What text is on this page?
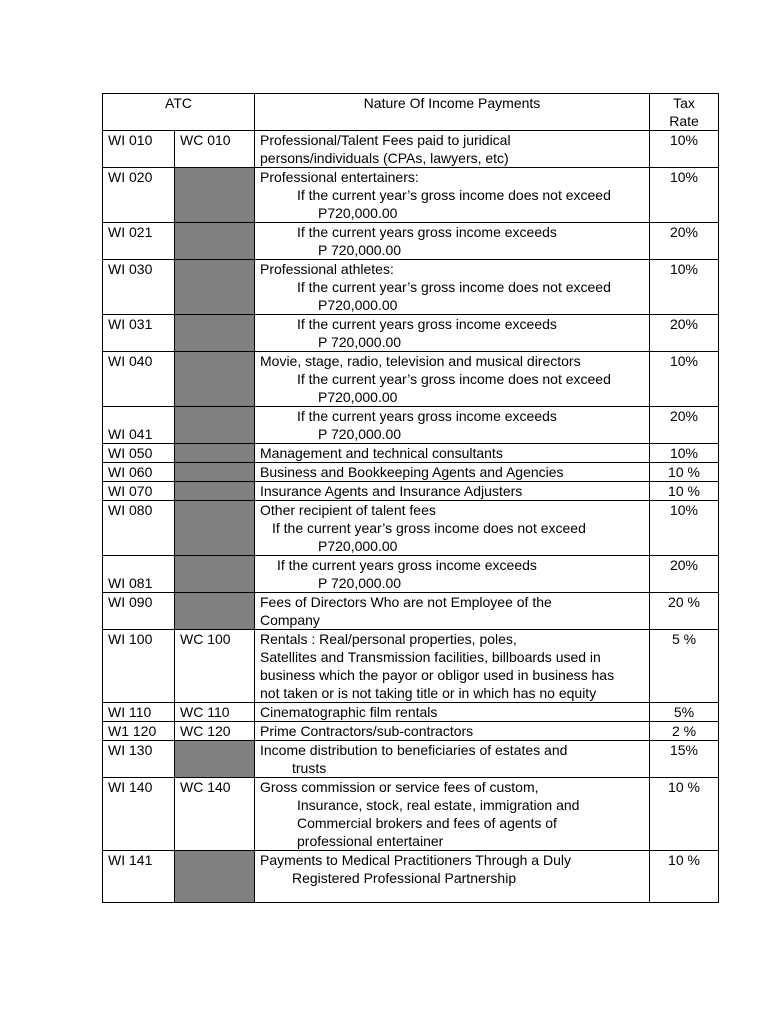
ATC		Nature Of Income Payments	Tax
Rate

WI 010	WC 010	Professional/Talent Fees paid to juridical
persons/individuals (CPAs, lawyers, etc)	10%
WI 020		Professional entertainers:
If the current year’s gross income does not exceed
P720,000.00	10%
WI 021		If the current years gross income exceeds
P 720,000.00	20%
WI 030		Professional athletes:
If the current year’s gross income does not exceed
P720,000.00	10%
WI 031		If the current years gross income exceeds
P 720,000.00	20%
WI 040		Movie, stage, radio, television and musical directors
If the current year’s gross income does not exceed
P720,000.00	10%
WI 041		If the current years gross income exceeds
P 720,000.00	20%
WI 050		Management and technical consultants	10%
WI 060		Business and Bookkeeping Agents and Agencies	10 %
WI 070		Insurance Agents and Insurance Adjusters	10 %
WI 080		Other recipient of talent fees
If the current year’s gross income does not exceed
P720,000.00	10%
WI 081		If the current years gross income exceeds
P 720,000.00	20%
WI 090		Fees of Directors Who are not Employee of the
Company	20 %
WI 100	WC 100	Rentals : Real/personal properties, poles,
Satellites and Transmission facilities, billboards used in
business which the payor or obligor used in business has
not taken or is not taking title or in which has no equity	5 %
WI 110	WC 110	Cinematographic film rentals	5%
W1 120	WC 120	Prime Contractors/sub-contractors	2 %
WI 130		Income distribution to beneficiaries of estates and
trusts	15%
WI 140	WC 140	Gross commission or service fees of custom,
Insurance, stock, real estate, immigration and
Commercial brokers and fees of agents of
professional entertainer	10 %
WI 141		Payments to Medical Practitioners Through a Duly
Registered Professional Partnership	10 %
